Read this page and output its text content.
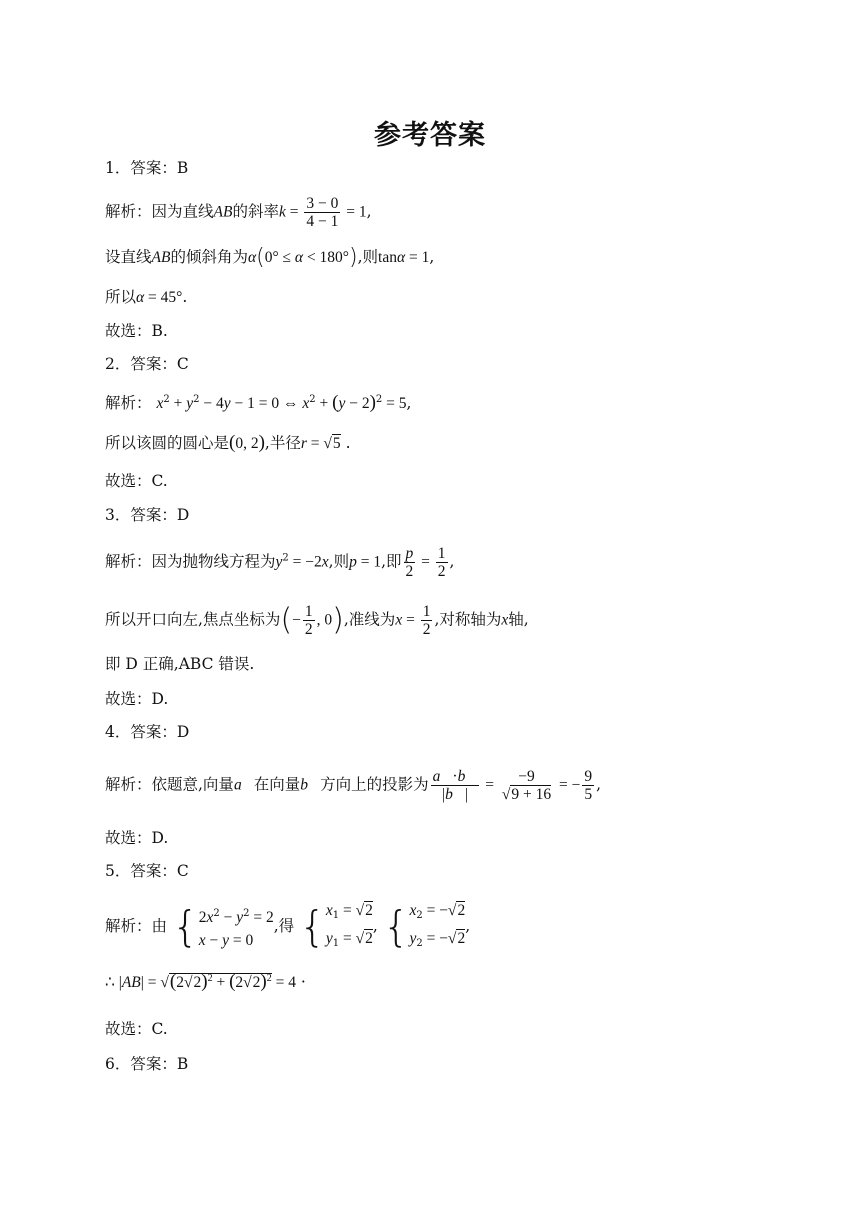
参考答案
1．答案：B
解析：因为直线AB的斜率$k = \frac{3 - 0}{4 - 1} = 1$,
设直线AB的倾斜角为α(0° ≤ α < 180°),则tanα = 1,
所以α = 45°.
故选：B.
2．答案：C
解析： $x^2 + y^2 - 4y - 1 = 0$ ⇔ $x^2 + (y - 2)^2 = 5$,
所以该圆的圆心是(0, 2),半径r = √5 .
故选：C.
3．答案：D
解析：因为抛物线方程为$y^2 = -2x$,则p = 1,即 $\frac{p}{2} = \frac{1}{2}$ ,
所以开口向左,焦点坐标为(− $\frac{1}{2}$ , 0),准线为$x = \frac{1}{2}$ ,对称轴为x轴,
即 D 正确,ABC 错误.
故选：D.
4．答案：D
解析：依题意,向量a⃗在向量b⃗方向上的投影为 $\frac{a⃗\cdot b⃗}{|b⃗|} = \frac{-9}{√9 + 16}$ = − $\frac{9}{5}$ ,
故选：D.
5．答案：C
解析：由 { $2x^2 - y^2 = 2$
x − y = 0
,得 { $x_1 = √2$
$y_1 = √2$
, { $x_2 = -√2$
$y_2 = -√2$
,
∴ $|AB| = √(2√2)^2 + (2√2)^2 = 4$ ·
故选：C.
6．答案：B
